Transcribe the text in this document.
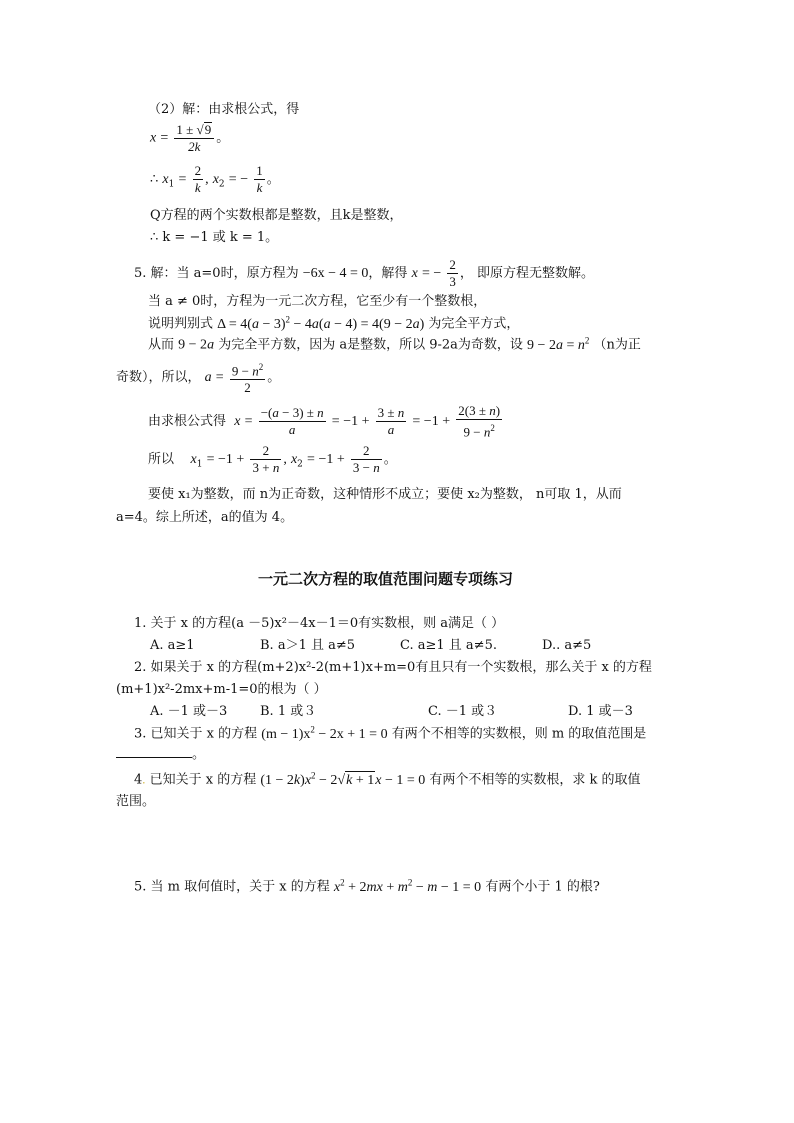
（2）解：由求根公式，得
$x = \frac{1 \pm √9}{2k}$ 。
∴ $x_1 = \frac{2}{k}$ , $x_2$ = − $\frac{1}{k}$ 。
Q方程的两个实数根都是整数，且k是整数，
∴ k = −1 或 k = 1。
5. 解：当 a=0时，原方程为 −6x − 4 = 0，解得 x = − $\frac{2}{3}$ ， 即原方程无整数解。
当 a ≠ 0时，方程为一元二次方程，它至少有一个整数根，
说明判别式 $\Delta = 4(a - 3)^2 - 4a(a - 4) = 4(9 - 2a)$ 为完全平方式，
从而 9 − 2a 为完全平方数，因为 a是整数，所以 9-2a为奇数，设 $9 - 2a = n^2$ （n为正
奇数），所以， $a = \frac{9 - n^2}{2}$ 。
由求根公式得 $x = \frac{-(a - 3) \pm n}{a} = -1 + \frac{3 \pm n}{a} = -1 + \frac{2(3 \pm n)}{9 - n^2}$
所以 $x_1 = -1 + \frac{2}{3 + n}$ , $x_2 = -1 + \frac{2}{3 - n}$ 。
要使 x₁为整数，而 n为正奇数，这种情形不成立；要使 x₂为整数， n可取 1，从而
a=4。综上所述，a的值为 4。
一元二次方程的取值范围问题专项练习
1. 关于 x 的方程(a －5)x²－4x－1＝0有实数根，则 a满足（ ）
A. a≥1	B. a＞1 且 a≠5	C. a≥1 且 a≠5.	D.. a≠5
2. 如果关于 x 的方程(m+2)x²-2(m+1)x+m=0有且只有一个实数根，那么关于 x 的方程
(m+1)x²-2mx+m-1=0的根为（ ）
A. －1 或－3	B. 1 或３	C. －1 或３	D. 1 或－3
3. 已知关于 x 的方程 $(m - 1)x^2 - 2x + 1 = 0$ 有两个不相等的实数根，则 m 的取值范围是
。
4. 已知关于 x 的方程 $(1 - 2k)x^2 - 2√k + 1x - 1 = 0$ 有两个不相等的实数根，求 k 的取值
范围。
5. 当 m 取何值时，关于 x 的方程 $x^2 + 2mx + m^2 - m - 1 = 0$ 有两个小于 1 的根?
